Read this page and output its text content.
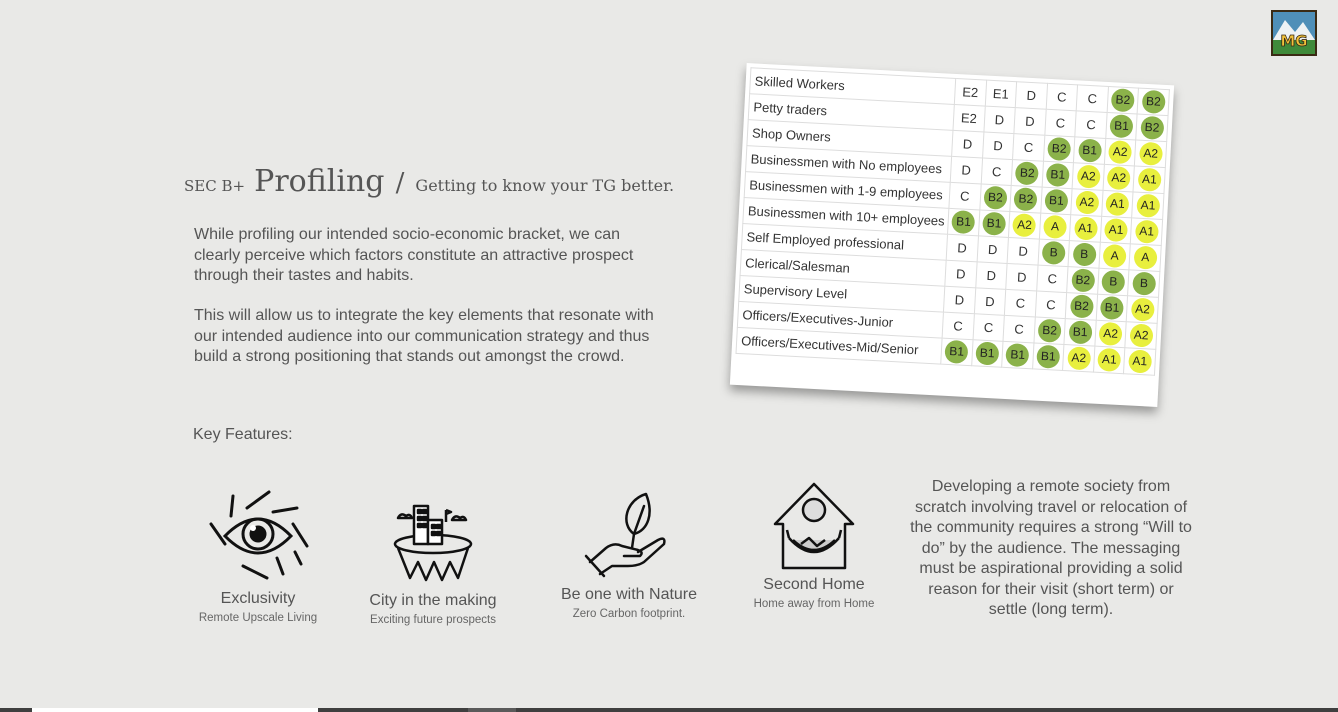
MG
SEC B+ Profiling / Getting to know your TG better.

While profiling our intended socio-economic bracket, we can clearly perceive which factors constitute an attractive prospect through their tastes and habits.

This will allow us to integrate the key elements that resonate with our intended audience into our communication strategy and thus build a strong positioning that stands out amongst the crowd.

Key Features:
Exclusivity
Remote Upscale Living
City in the making
Exciting future prospects
Be one with Nature
Zero Carbon footprint.
Second Home
Home away from Home
Developing a remote society from scratch involving travel or relocation of the community requires a strong “Will to do” by the audience. The messaging must be aspirational providing a solid reason for their visit (short term) or settle (long term).
Skilled Workers	E2	E1	D	C	C	B2	B2
Petty traders	E2	D	D	C	C	B1	B2
Shop Owners	D	D	C	B2	B1	A2	A2
Businessmen with No employees	D	C	B2	B1	A2	A2	A1
Businessmen with 1-9 employees	C	B2	B2	B1	A2	A1	A1
Businessmen with 10+ employees	B1	B1	A2	A	A1	A1	A1
Self Employed professional	D	D	D	B	B	A	A
Clerical/Salesman	D	D	D	C	B2	B	B
Supervisory Level	D	D	C	C	B2	B1	A2
Officers/Executives-Junior	C	C	C	B2	B1	A2	A2
Officers/Executives-Mid/Senior	B1	B1	B1	B1	A2	A1	A1
